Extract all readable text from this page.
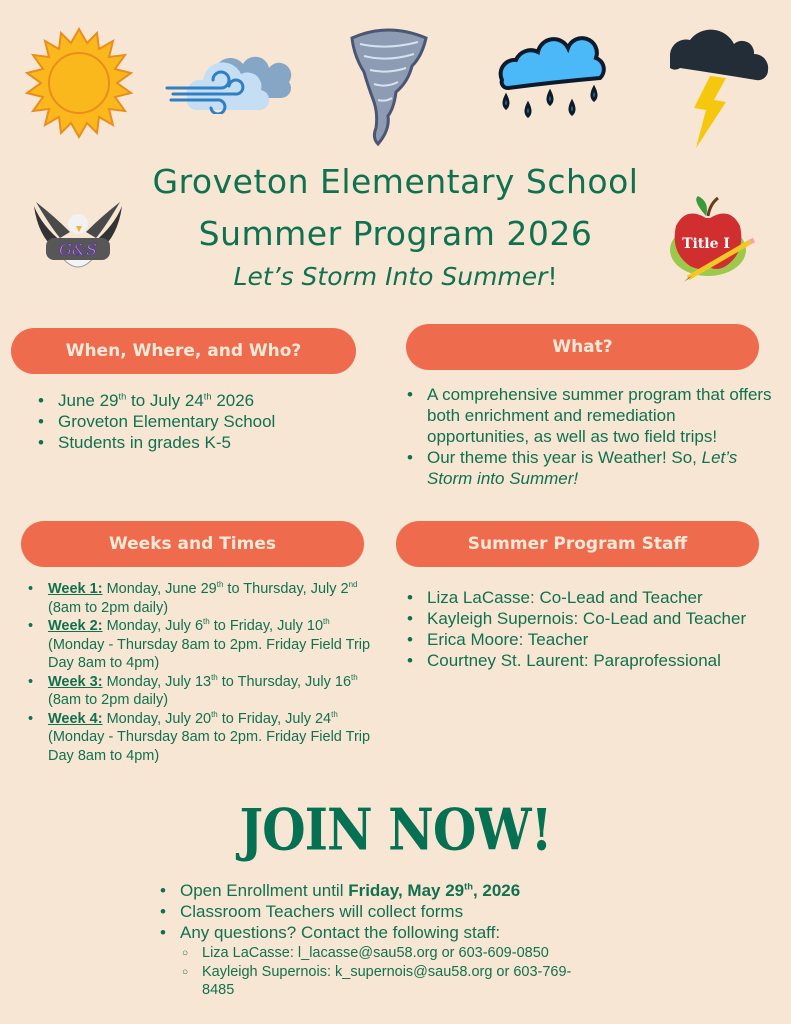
G&S	Title I
Groveton Elementary School
Summer Program 2026
Let’s Storm Into Summer!
When, Where, and Who?	What?
Weeks and Times	Summer Program Staff
• June 29th to July 24th 2026
• Groveton Elementary School
• Students in grades K-5
• A comprehensive summer program that offers both enrichment and remediation opportunities, as well as two field trips!
• Our theme this year is Weather! So, Let’s Storm into Summer!
• Week 1: Monday, June 29th to Thursday, July 2nd (8am to 2pm daily)
• Week 2: Monday, July 6th to Friday, July 10th (Monday - Thursday 8am to 2pm. Friday Field Trip Day 8am to 4pm)
• Week 3: Monday, July 13th to Thursday, July 16th (8am to 2pm daily)
• Week 4: Monday, July 20th to Friday, July 24th (Monday - Thursday 8am to 2pm. Friday Field Trip Day 8am to 4pm)
• Liza LaCasse: Co-Lead and Teacher
• Kayleigh Supernois: Co-Lead and Teacher
• Erica Moore: Teacher
• Courtney St. Laurent: Paraprofessional
JOIN NOW!
• Open Enrollment until Friday, May 29th, 2026
• Classroom Teachers will collect forms
• Any questions? Contact the following staff:
○ Liza LaCasse: l_lacasse@sau58.org or 603-609-0850
○ Kayleigh Supernois: k_supernois@sau58.org or 603-769-8485
